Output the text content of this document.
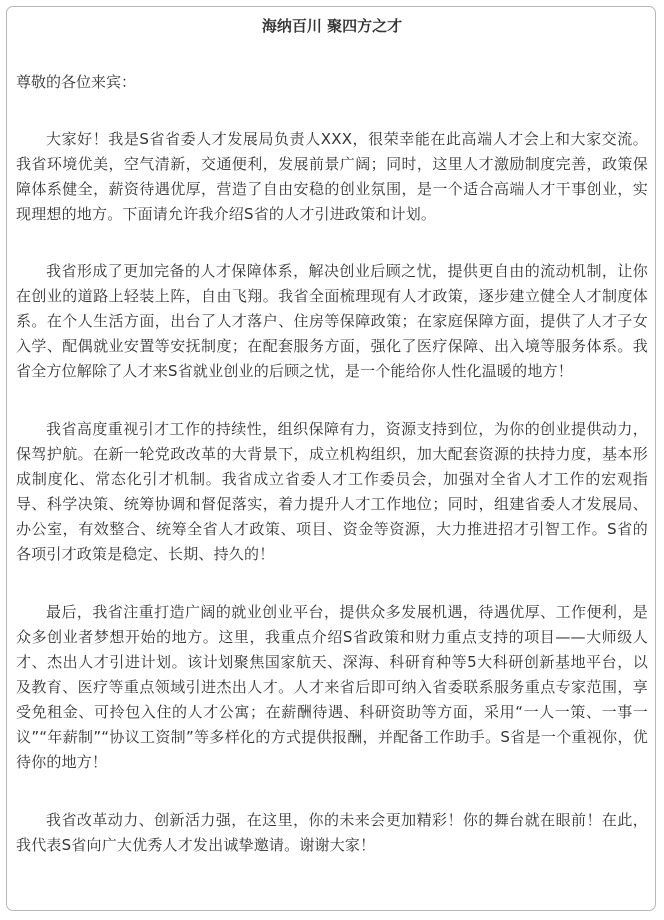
海纳百川 聚四方之才

尊敬的各位来宾：

大家好！我是S省省委人才发展局负责人XXX，很荣幸能在此高端人才会上和大家交流。我省环境优美，空气清新，交通便利，发展前景广阔；同时，这里人才激励制度完善，政策保障体系健全，薪资待遇优厚，营造了自由安稳的创业氛围，是一个适合高端人才干事创业，实现理想的地方。下面请允许我介绍S省的人才引进政策和计划。

我省形成了更加完备的人才保障体系，解决创业后顾之忧，提供更自由的流动机制，让你在创业的道路上轻装上阵，自由飞翔。我省全面梳理现有人才政策，逐步建立健全人才制度体系。在个人生活方面，出台了人才落户、住房等保障政策；在家庭保障方面，提供了人才子女入学、配偶就业安置等安抚制度；在配套服务方面，强化了医疗保障、出入境等服务体系。我省全方位解除了人才来S省就业创业的后顾之忧，是一个能给你人性化温暖的地方！

我省高度重视引才工作的持续性，组织保障有力，资源支持到位，为你的创业提供动力，保驾护航。在新一轮党政改革的大背景下，成立机构组织，加大配套资源的扶持力度，基本形成制度化、常态化引才机制。我省成立省委人才工作委员会，加强对全省人才工作的宏观指导、科学决策、统筹协调和督促落实，着力提升人才工作地位；同时，组建省委人才发展局、办公室，有效整合、统筹全省人才政策、项目、资金等资源，大力推进招才引智工作。S省的各项引才政策是稳定、长期、持久的！

最后，我省注重打造广阔的就业创业平台，提供众多发展机遇，待遇优厚、工作便利，是众多创业者梦想开始的地方。这里，我重点介绍S省政策和财力重点支持的项目——大师级人才、杰出人才引进计划。该计划聚焦国家航天、深海、科研育种等5大科研创新基地平台，以及教育、医疗等重点领域引进杰出人才。人才来省后即可纳入省委联系服务重点专家范围，享受免租金、可拎包入住的人才公寓；在薪酬待遇、科研资助等方面，采用“一人一策、一事一议”“年薪制”“协议工资制”等多样化的方式提供报酬，并配备工作助手。S省是一个重视你，优待你的地方！

我省改革动力、创新活力强，在这里，你的未来会更加精彩！你的舞台就在眼前！在此，我代表S省向广大优秀人才发出诚挚邀请。谢谢大家！
